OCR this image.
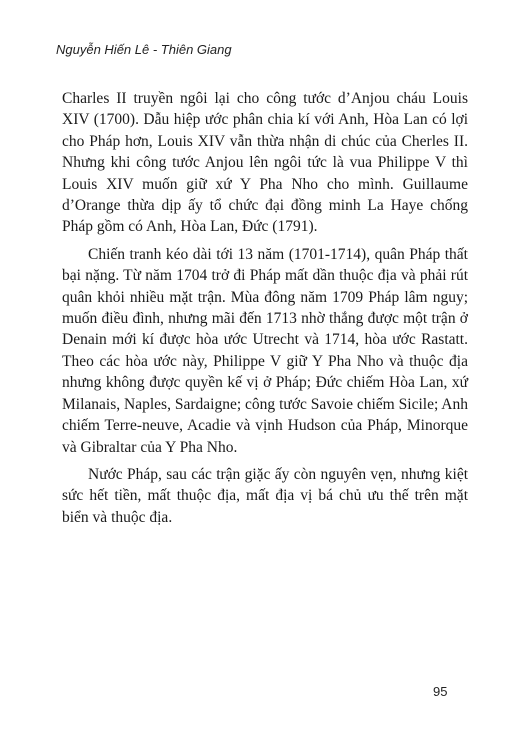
Nguyễn Hiến Lê - Thiên Giang

Charles II truyền ngôi lại cho công tước d’Anjou cháu Louis XIV (1700). Dẫu hiệp ước phân chia kí với Anh, Hòa Lan có lợi cho Pháp hơn, Louis XIV vẫn thừa nhận di chúc của Cherles II. Nhưng khi công tước Anjou lên ngôi tức là vua Philippe V thì Louis XIV muốn giữ xứ Y Pha Nho cho mình. Guillaume d’Orange thừa dịp ấy tổ chức đại đồng minh La Haye chống Pháp gồm có Anh, Hòa Lan, Đức (1791).

Chiến tranh kéo dài tới 13 năm (1701-1714), quân Pháp thất bại nặng. Từ năm 1704 trở đi Pháp mất dần thuộc địa và phải rút quân khỏi nhiều mặt trận. Mùa đông năm 1709 Pháp lâm nguy; muốn điều đình, nhưng mãi đến 1713 nhờ thắng được một trận ở Denain mới kí được hòa ước Utrecht và 1714, hòa ước Rastatt. Theo các hòa ước này, Philippe V giữ Y Pha Nho và thuộc địa nhưng không được quyền kế vị ở Pháp; Đức chiếm Hòa Lan, xứ Milanais, Naples, Sardaigne; công tước Savoie chiếm Sicile; Anh chiếm Terre-neuve, Acadie và vịnh Hudson của Pháp, Minorque và Gibraltar của Y Pha Nho.

Nước Pháp, sau các trận giặc ấy còn nguyên vẹn, nhưng kiệt sức hết tiền, mất thuộc địa, mất địa vị bá chủ ưu thế trên mặt biển và thuộc địa.

95
